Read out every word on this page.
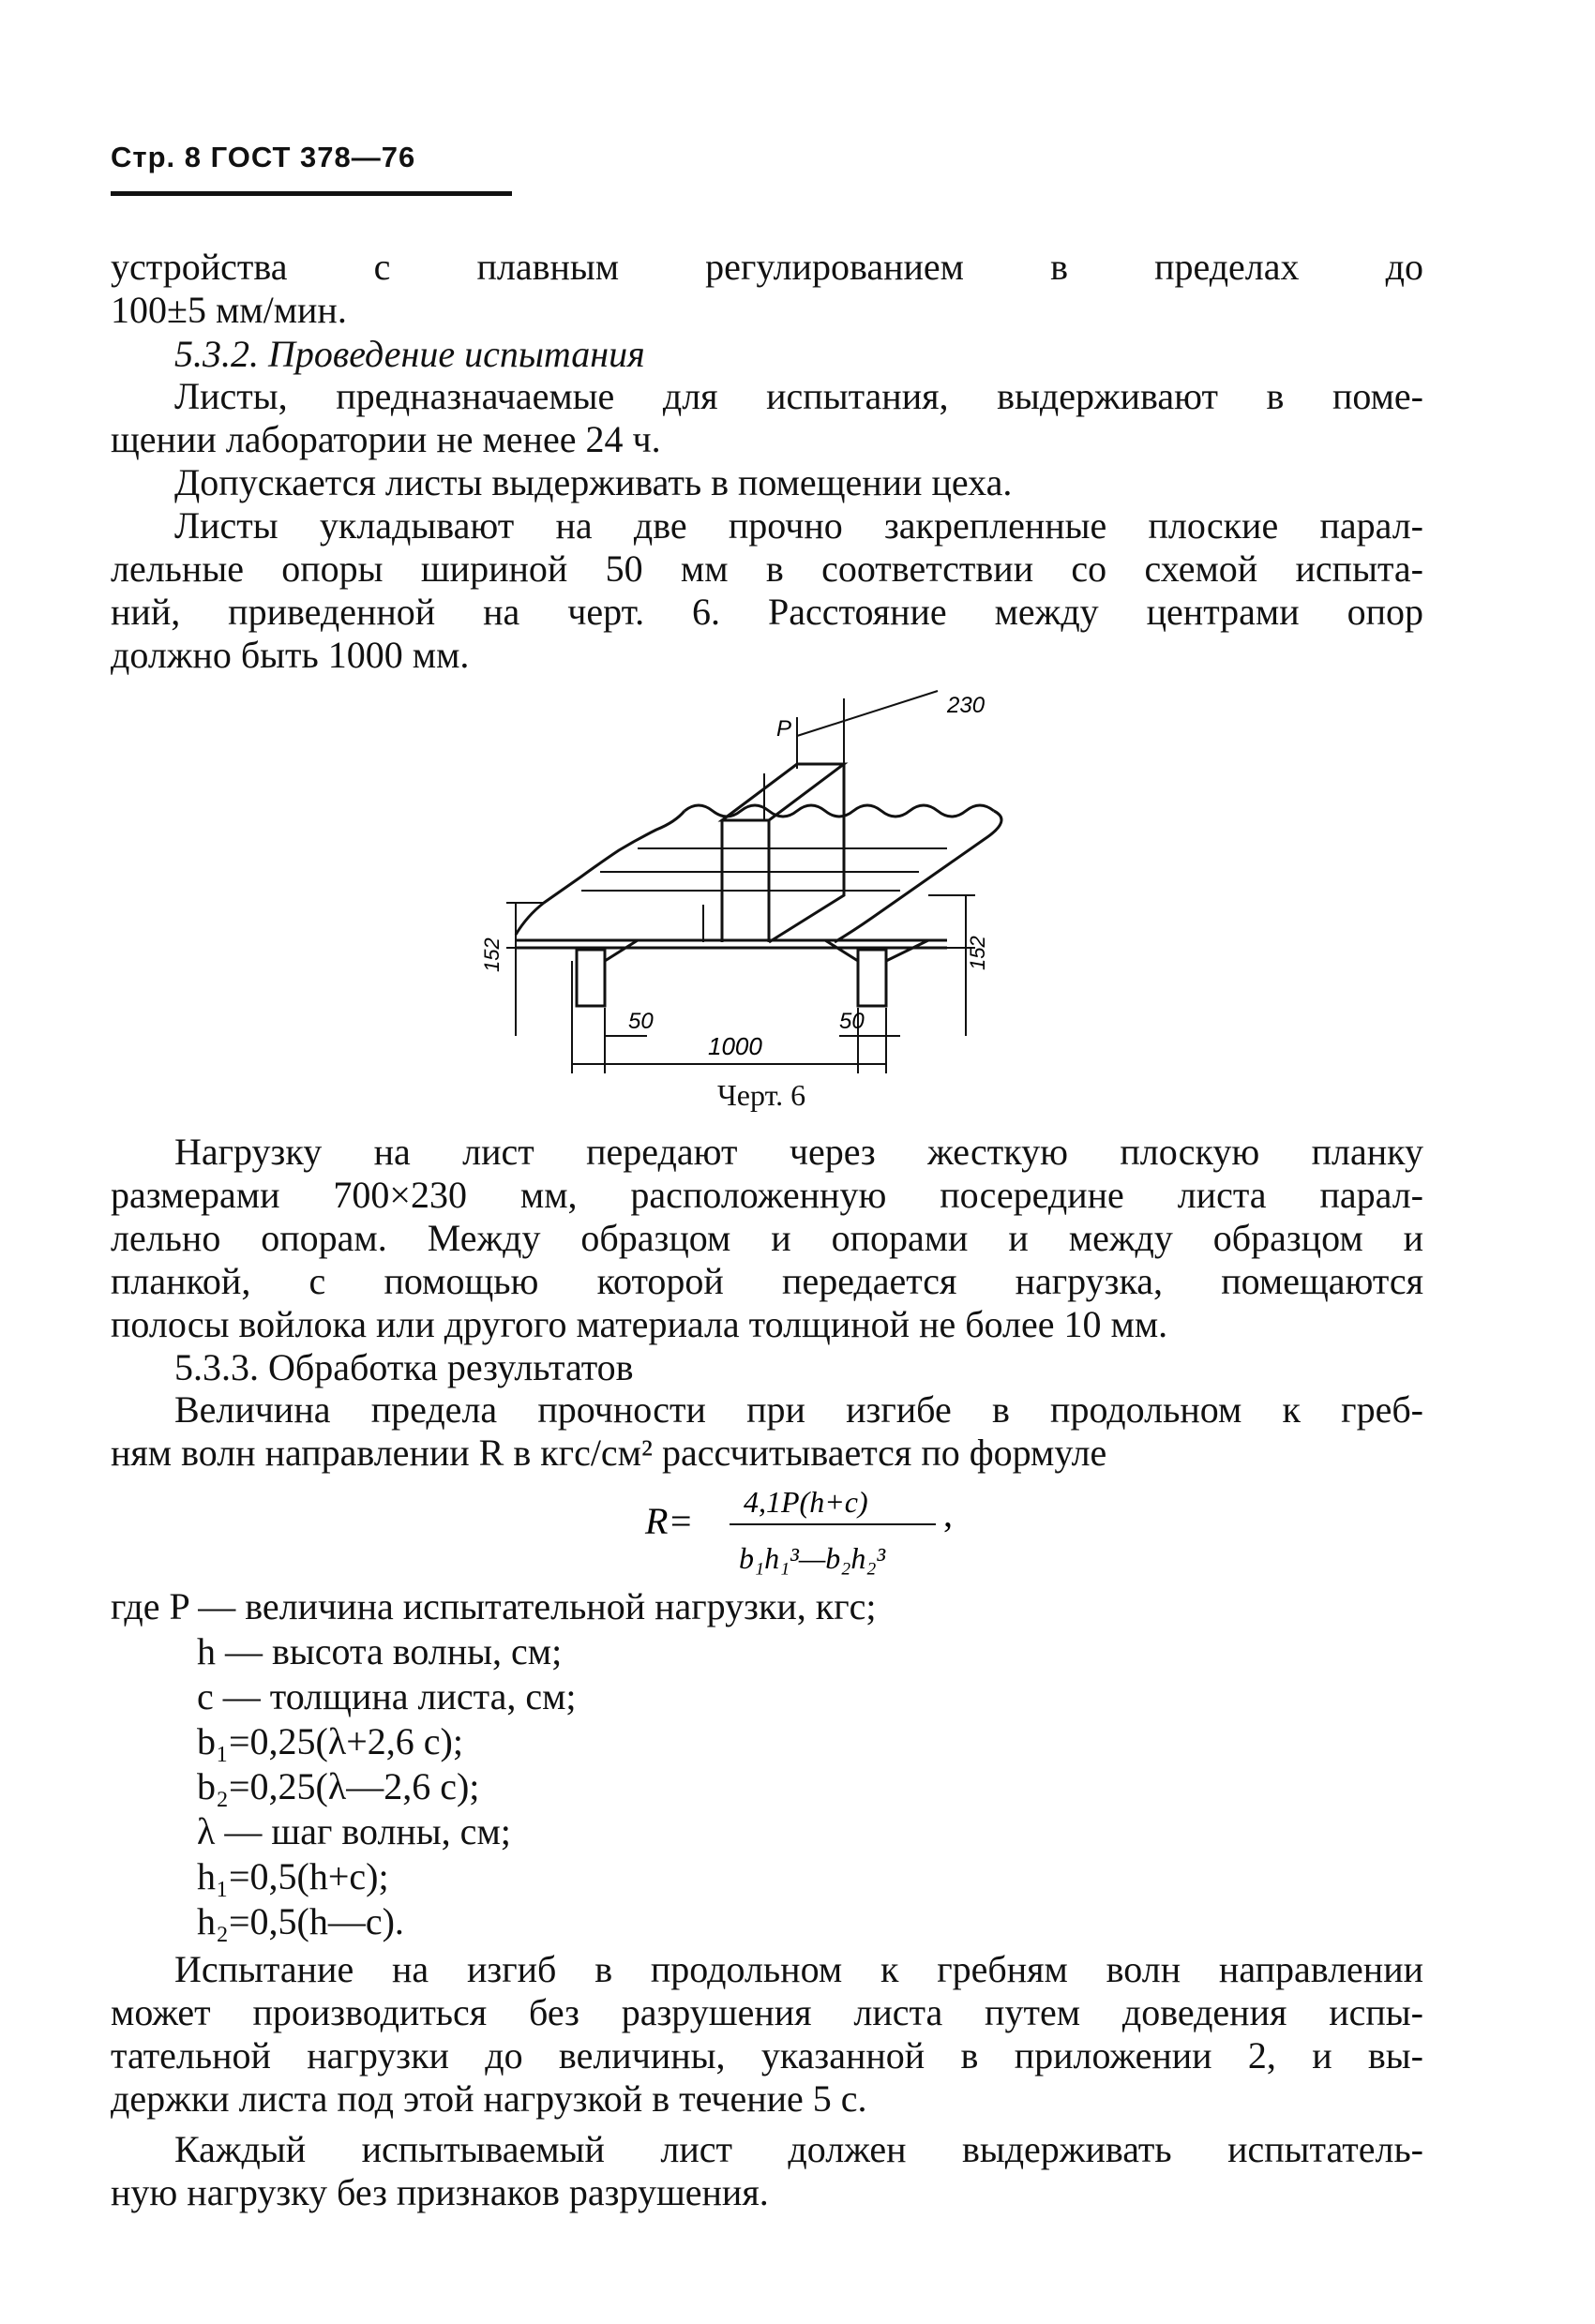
Стр. 8 ГОСТ 378—76
устройства с плавным регулированием в пределах до
100±5 мм/мин.
5.3.2. Проведение испытания
Листы, предназначаемые для испытания, выдерживают в поме-
щении лаборатории не менее 24 ч.
Допускается листы выдерживать в помещении цеха.
Листы укладывают на две прочно закрепленные плоские парал-
лельные опоры шириной 50 мм в соответствии со схемой испыта-
ний, приведенной на черт. 6. Расстояние между центрами опор
должно быть 1000 мм.
P
230
152	152
50	50
1000
Черт. 6
Нагрузку на лист передают через жесткую плоскую планку
размерами 700×230 мм, расположенную посередине листа парал-
лельно опорам. Между образцом и опорами и между образцом и
планкой, с помощью которой передается нагрузка, помещаются
полосы войлока или другого материала толщиной не более 10 мм.
5.3.3. Обработка результатов
Величина предела прочности при изгибе в продольном к греб-
ням волн направлении R в кгс/см² рассчитывается по формуле
R= 4,1P(h+c)
b₁h₁³—b₂h₂³
,
где P — величина испытательной нагрузки, кгс;
h — высота волны, см;
c — толщина листа, см;
b₁=0,25(λ+2,6 c);
b₂=0,25(λ—2,6 c);
λ — шаг волны, см;
h₁=0,5(h+c);
h₂=0,5(h—c).
Испытание на изгиб в продольном к гребням волн направлении
может производиться без разрушения листа путем доведения испы-
тательной нагрузки до величины, указанной в приложении 2, и вы-
держки листа под этой нагрузкой в течение 5 с.
Каждый испытываемый лист должен выдерживать испытатель-
ную нагрузку без признаков разрушения.
